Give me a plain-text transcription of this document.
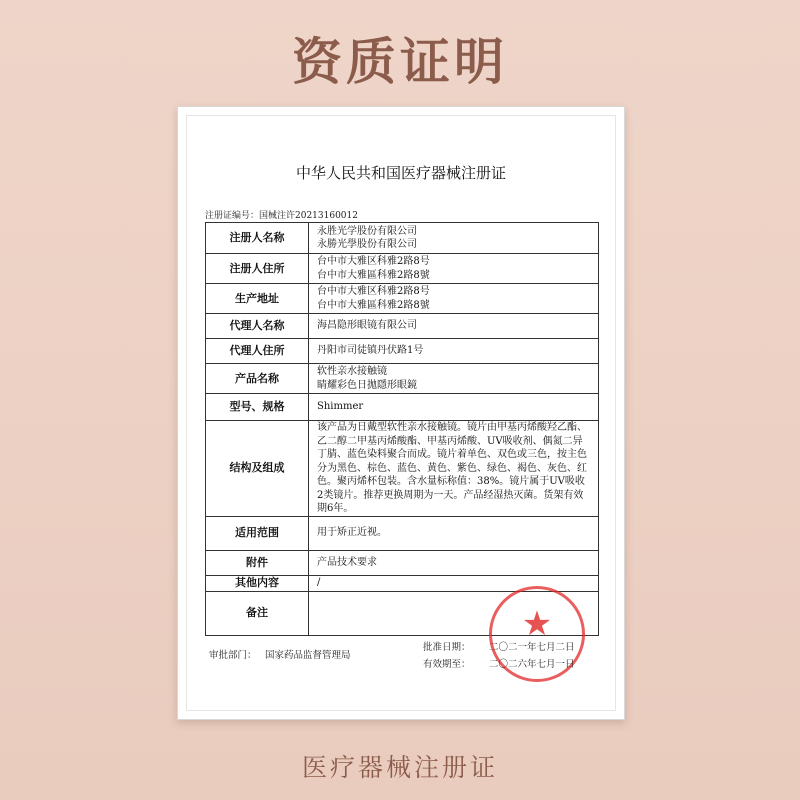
资质证明
中华人民共和国医疗器械注册证
注册证编号：国械注许20213160012
注册人名称	永胜光学股份有限公司
永勝光學股份有限公司

注册人住所	台中市大雅区科雅2路8号
台中市大雅區科雅2路8號

生产地址	台中市大雅区科雅2路8号
台中市大雅區科雅2路8號

代理人名称	海昌隐形眼镜有限公司

代理人住所	丹阳市司徒镇丹伏路1号

产品名称	软性亲水接触镜
睛耀彩色日拋隱形眼鏡

型号、规格	Shimmer

结构及组成	该产品为日戴型软性亲水接触镜。镜片由甲基丙烯酸羟乙酯、乙二醇二甲基丙烯酸酯、甲基丙烯酸、UV吸收剂、偶氮二异丁腈、蓝色染料聚合而成。镜片着单色、双色或三色，按主色分为黑色、棕色、蓝色、黄色、紫色、绿色、褐色、灰色、红色。聚丙烯杯包装。含水量标称值：38%。镜片属于UV吸收2类镜片。推荐更换周期为一天。产品经湿热灭菌。货架有效期6年。

适用范围	用于矫正近视。

附件	产品技术要求

其他内容	/

备注		★
审批部门： 国家药品监督管理局
批准日期： 二〇二一年七月二日
有效期至： 二〇二六年七月一日
医疗器械注册证
